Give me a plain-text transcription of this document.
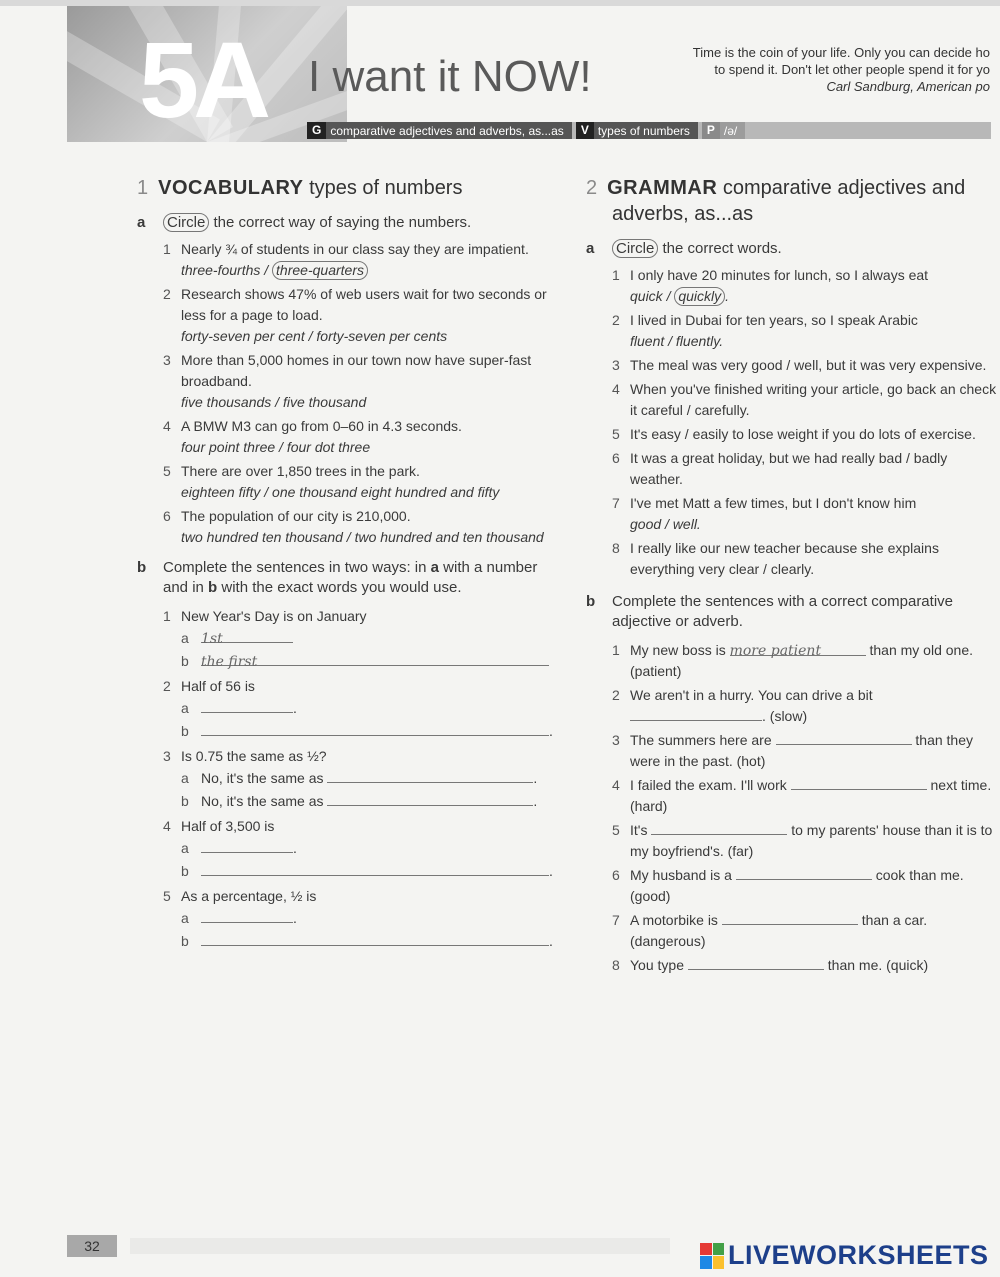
5A I want it NOW!	Time is the coin of your life. Only you can decide ho
to spend it. Don't let other people spend it for yo
Carl Sandburg, American po
G comparative adjectives and adverbs, as...as	V types of numbers	P /ə/
1 VOCABULARY types of numbers
a Circle the correct way of saying the numbers.
1 Nearly ¾ of students in our class say they are impatient.
three-fourths / three-quarters
2 Research shows 47% of web users wait for two seconds or less for a page to load.
forty-seven per cent / forty-seven per cents
3 More than 5,000 homes in our town now have super-fast broadband.
five thousands / five thousand
4 A BMW M3 can go from 0–60 in 4.3 seconds.
four point three / four dot three
5 There are over 1,850 trees in the park.
eighteen fifty / one thousand eight hundred and fifty
6 The population of our city is 210,000.
two hundred ten thousand / two hundred and ten thousand
b Complete the sentences in two ways: in a with a number and in b with the exact words you would use.
1 New Year's Day is on January
a 1st
b the first
2 Half of 56 is
a	.
b	.
3 Is 0.75 the same as ½?
a No, it's the same as	.
b No, it's the same as	.
4 Half of 3,500 is
a	.
b	.
5 As a percentage, ½ is
a	.
b	.
2 GRAMMAR comparative adjectives and
adverbs, as...as
a Circle the correct words.
1 I only have 20 minutes for lunch, so I always eat
quick / quickly .
2 I lived in Dubai for ten years, so I speak Arabic
fluent / fluently.
3 The meal was very good / well, but it was very expensive.
4 When you've finished writing your article, go back an check it careful / carefully.
5 It's easy / easily to lose weight if you do lots of exercise.
6 It was a great holiday, but we had really bad / badly weather.
7 I've met Matt a few times, but I don't know him
good / well.
8 I really like our new teacher because she explains everything very clear / clearly.
b Complete the sentences with a correct comparative adjective or adverb.
1 My new boss is more patient	than my old one.
(patient)
2 We aren't in a hurry. You can drive a bit . (slow)
3 The summers here are	than they were in the past. (hot)
4 I failed the exam. I'll work	next time. (hard)
5 It's	to my parents' house than it is to my boyfriend's. (far)
6 My husband is a	cook than me. (good)
7 A motorbike is	than a car. (dangerous)
8 You type	than me. (quick)
32	LIVEWORKSHEETS
